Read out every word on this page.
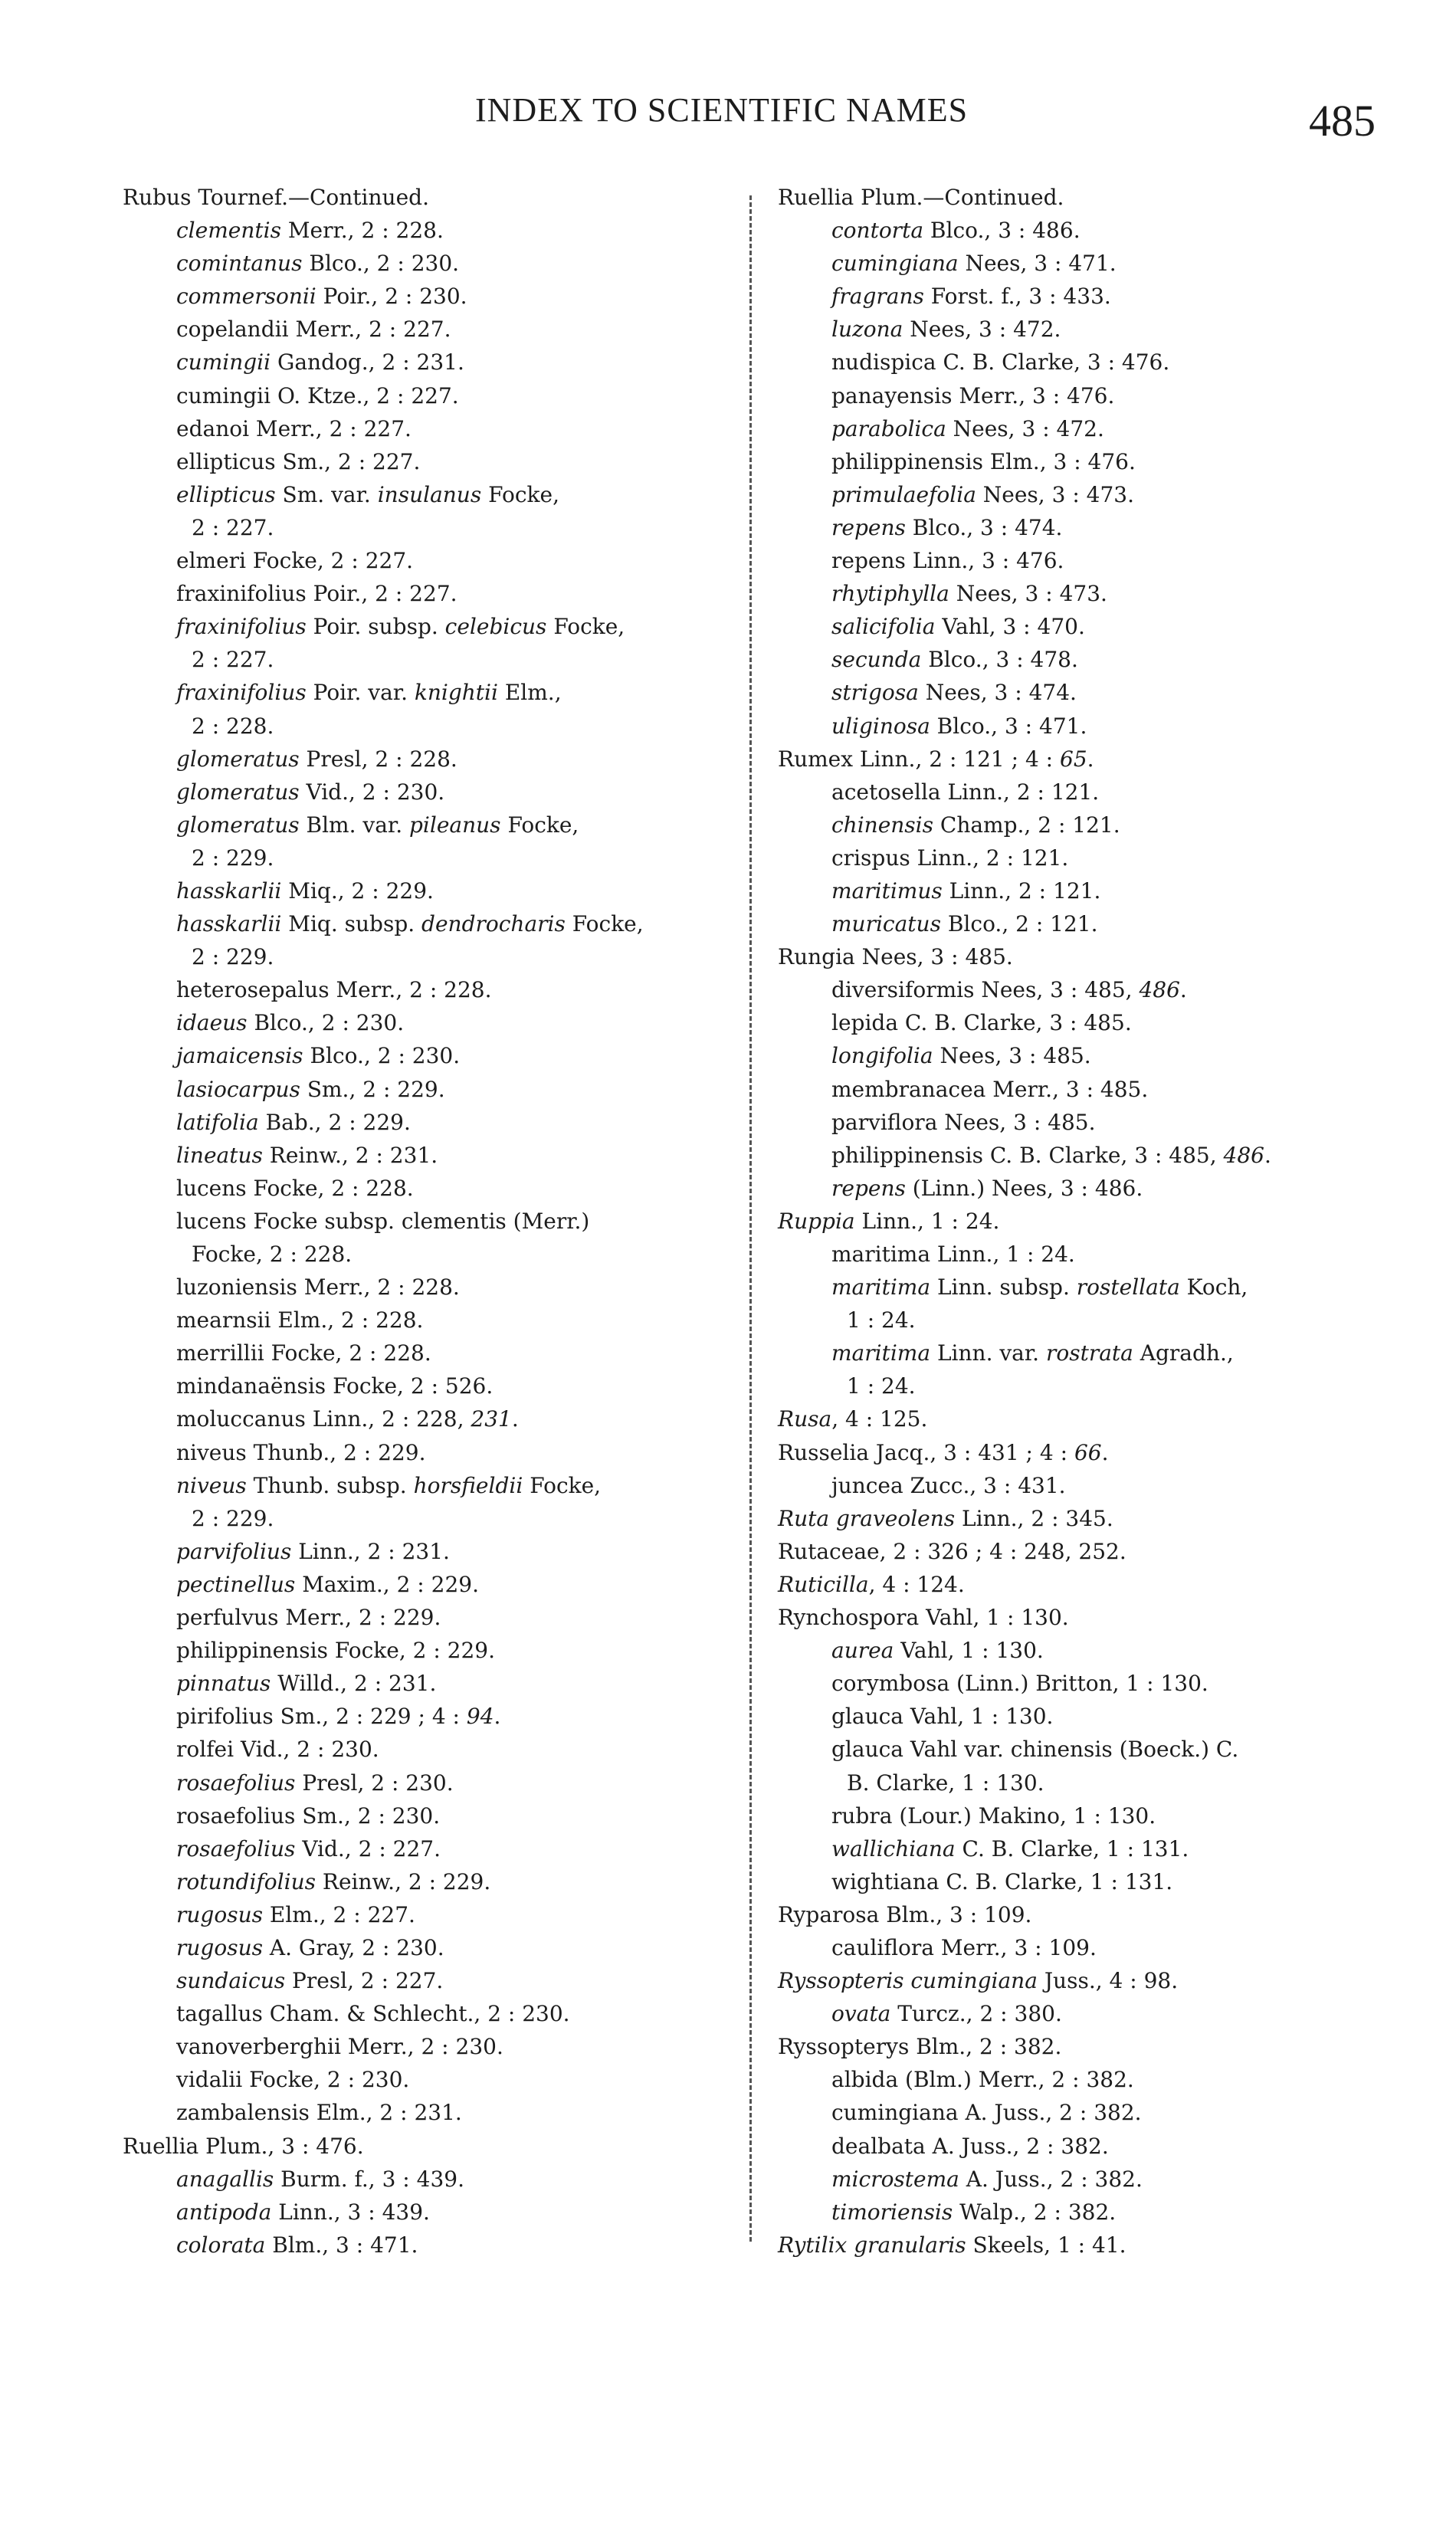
INDEX TO SCIENTIFIC NAMES	485

Rubus Tournef.—Continued.

clementis Merr., 2 : 228.

comintanus Blco., 2 : 230.

commersonii Poir., 2 : 230.

copelandii Merr., 2 : 227.

cumingii Gandog., 2 : 231.

cumingii O. Ktze., 2 : 227.

edanoi Merr., 2 : 227.

ellipticus Sm., 2 : 227.

ellipticus Sm. var. insulanus Focke,
2 : 227.

elmeri Focke, 2 : 227.

fraxinifolius Poir., 2 : 227.

fraxinifolius Poir. subsp. celebicus Focke,
2 : 227.

fraxinifolius Poir. var. knightii Elm.,
2 : 228.

glomeratus Presl, 2 : 228.

glomeratus Vid., 2 : 230.

glomeratus Blm. var. pileanus Focke,
2 : 229.

hasskarlii Miq., 2 : 229.

hasskarlii Miq. subsp. dendrocharis Focke,
2 : 229.

heterosepalus Merr., 2 : 228.

idaeus Blco., 2 : 230.

jamaicensis Blco., 2 : 230.

lasiocarpus Sm., 2 : 229.

latifolia Bab., 2 : 229.

lineatus Reinw., 2 : 231.

lucens Focke, 2 : 228.

lucens Focke subsp. clementis (Merr.)
Focke, 2 : 228.

luzoniensis Merr., 2 : 228.

mearnsii Elm., 2 : 228.

merrillii Focke, 2 : 228.

mindanaënsis Focke, 2 : 526.

moluccanus Linn., 2 : 228, 231.

niveus Thunb., 2 : 229.

niveus Thunb. subsp. horsfieldii Focke,
2 : 229.

parvifolius Linn., 2 : 231.

pectinellus Maxim., 2 : 229.

perfulvus Merr., 2 : 229.

philippinensis Focke, 2 : 229.

pinnatus Willd., 2 : 231.

pirifolius Sm., 2 : 229 ; 4 : 94.

rolfei Vid., 2 : 230.

rosaefolius Presl, 2 : 230.

rosaefolius Sm., 2 : 230.

rosaefolius Vid., 2 : 227.

rotundifolius Reinw., 2 : 229.

rugosus Elm., 2 : 227.

rugosus A. Gray, 2 : 230.

sundaicus Presl, 2 : 227.

tagallus Cham. & Schlecht., 2 : 230.

vanoverberghii Merr., 2 : 230.

vidalii Focke, 2 : 230.

zambalensis Elm., 2 : 231.

Ruellia Plum., 3 : 476.

anagallis Burm. f., 3 : 439.

antipoda Linn., 3 : 439.

colorata Blm., 3 : 471.

Ruellia Plum.—Continued.

contorta Blco., 3 : 486.

cumingiana Nees, 3 : 471.

fragrans Forst. f., 3 : 433.

luzona Nees, 3 : 472.

nudispica C. B. Clarke, 3 : 476.

panayensis Merr., 3 : 476.

parabolica Nees, 3 : 472.

philippinensis Elm., 3 : 476.

primulaefolia Nees, 3 : 473.

repens Blco., 3 : 474.

repens Linn., 3 : 476.

rhytiphylla Nees, 3 : 473.

salicifolia Vahl, 3 : 470.

secunda Blco., 3 : 478.

strigosa Nees, 3 : 474.

uliginosa Blco., 3 : 471.

Rumex Linn., 2 : 121 ; 4 : 65.

acetosella Linn., 2 : 121.

chinensis Champ., 2 : 121.

crispus Linn., 2 : 121.

maritimus Linn., 2 : 121.

muricatus Blco., 2 : 121.

Rungia Nees, 3 : 485.

diversiformis Nees, 3 : 485, 486.

lepida C. B. Clarke, 3 : 485.

longifolia Nees, 3 : 485.

membranacea Merr., 3 : 485.

parviflora Nees, 3 : 485.

philippinensis C. B. Clarke, 3 : 485, 486.

repens (Linn.) Nees, 3 : 486.

Ruppia Linn., 1 : 24.

maritima Linn., 1 : 24.

maritima Linn. subsp. rostellata Koch,
1 : 24.

maritima Linn. var. rostrata Agradh.,
1 : 24.

Rusa, 4 : 125.

Russelia Jacq., 3 : 431 ; 4 : 66.

juncea Zucc., 3 : 431.

Ruta graveolens Linn., 2 : 345.

Rutaceae, 2 : 326 ; 4 : 248, 252.

Ruticilla, 4 : 124.

Rynchospora Vahl, 1 : 130.

aurea Vahl, 1 : 130.

corymbosa (Linn.) Britton, 1 : 130.

glauca Vahl, 1 : 130.

glauca Vahl var. chinensis (Boeck.) C.
B. Clarke, 1 : 130.

rubra (Lour.) Makino, 1 : 130.

wallichiana C. B. Clarke, 1 : 131.

wightiana C. B. Clarke, 1 : 131.

Ryparosa Blm., 3 : 109.

cauliflora Merr., 3 : 109.

Ryssopteris cumingiana Juss., 4 : 98.

ovata Turcz., 2 : 380.

Ryssopterys Blm., 2 : 382.

albida (Blm.) Merr., 2 : 382.

cumingiana A. Juss., 2 : 382.

dealbata A. Juss., 2 : 382.

microstema A. Juss., 2 : 382.

timoriensis Walp., 2 : 382.

Rytilix granularis Skeels, 1 : 41.
